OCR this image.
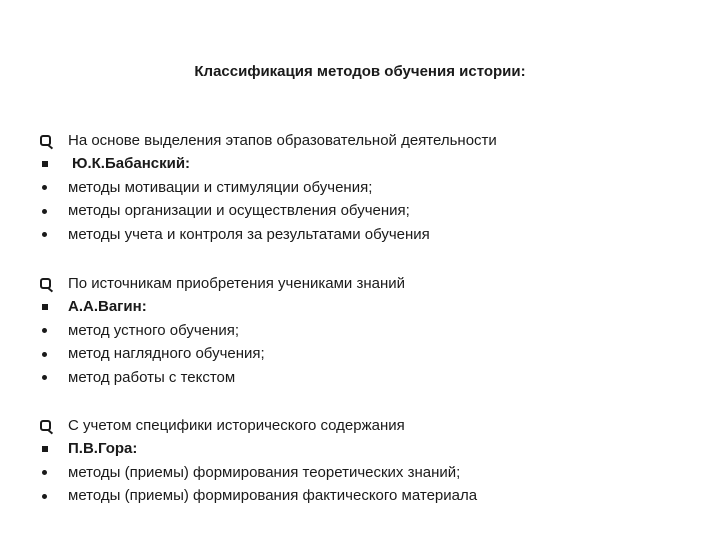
Классификация методов обучения истории:
На основе выделения этапов образовательной деятельности
Ю.К.Бабанский:
методы мотивации и стимуляции обучения;
методы организации и осуществления обучения;
методы учета и контроля за результатами обучения
По источникам приобретения учениками знаний
А.А.Вагин:
метод устного обучения;
метод наглядного обучения;
метод работы с текстом
С учетом специфики исторического содержания
П.В.Гора:
методы (приемы) формирования теоретических знаний;
методы (приемы) формирования фактического материала
